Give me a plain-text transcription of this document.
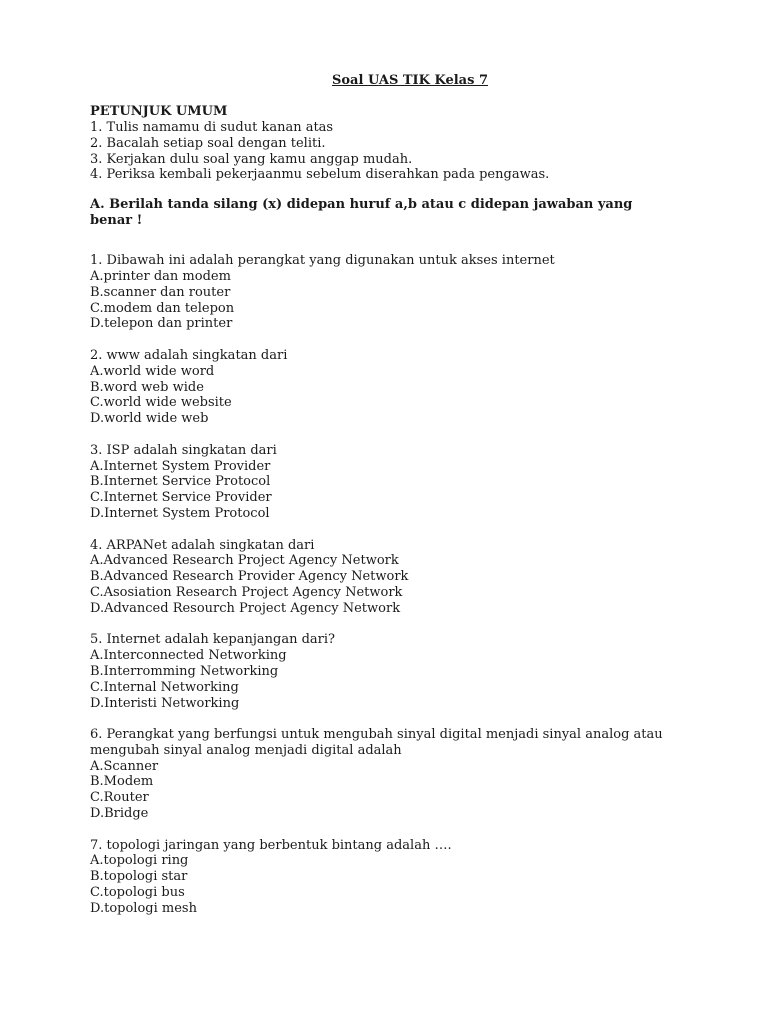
Soal UAS TIK Kelas 7

PETUNJUK UMUM

1. Tulis namamu di sudut kanan atas

2. Bacalah setiap soal dengan teliti.

3. Kerjakan dulu soal yang kamu anggap mudah.

4. Periksa kembali pekerjaanmu sebelum diserahkan pada pengawas.

A. Berilah tanda silang (x) didepan huruf a,b atau c didepan jawaban yang benar !

1. Dibawah ini adalah perangkat yang digunakan untuk akses internet

A.printer dan modem

B.scanner dan router

C.modem dan telepon

D.telepon dan printer

2. www adalah singkatan dari

A.world wide word

B.word web wide

C.world wide website

D.world wide web

3. ISP adalah singkatan dari

A.Internet System Provider

B.Internet Service Protocol

C.Internet Service Provider

D.Internet System Protocol

4. ARPANet adalah singkatan dari

A.Advanced Research Project Agency Network

B.Advanced Research Provider Agency Network

C.Asosiation Research Project Agency Network

D.Advanced Resourch Project Agency Network

5. Internet adalah kepanjangan dari?

A.Interconnected Networking

B.Interromming Networking

C.Internal Networking

D.Interisti Networking

6. Perangkat yang berfungsi untuk mengubah sinyal digital menjadi sinyal analog atau mengubah sinyal analog menjadi digital adalah

A.Scanner

B.Modem

C.Router

D.Bridge

7. topologi jaringan yang berbentuk bintang adalah ….

A.topologi ring

B.topologi star

C.topologi bus

D.topologi mesh
